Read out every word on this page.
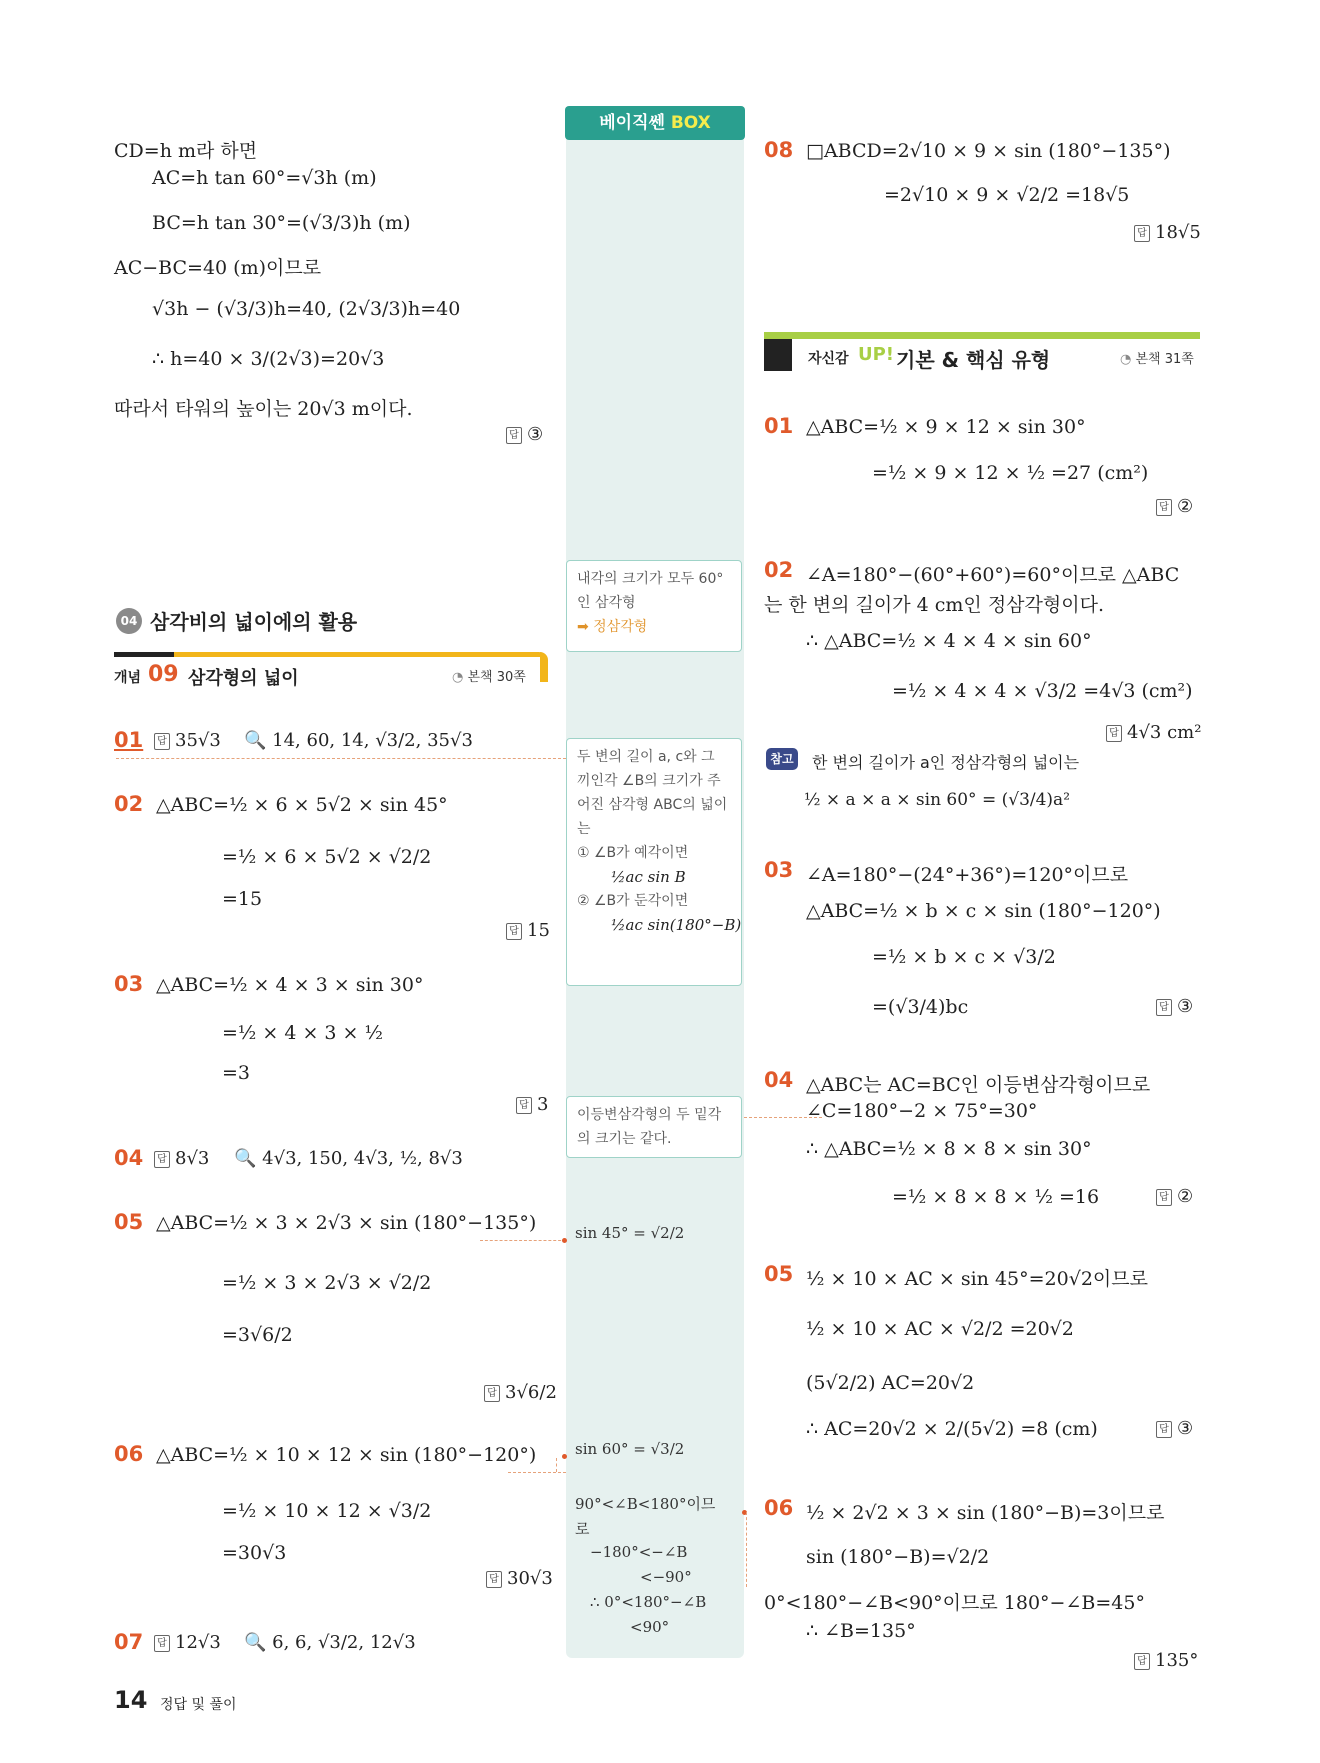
베이직쎈 BOX
내각의 크기가 모두 60° 인 삼각형
➡ 정삼각형
두 변의 길이 a, c와 그 끼인각 ∠B의 크기가 주어진 삼각형 ABC의 넓이는
① ∠B가 예각이면
½ac sin B
② ∠B가 둔각이면
½ac sin(180°−B)
이등변삼각형의 두 밑각의 크기는 같다.
sin 45° = √2/2
sin 60° = √3/2
90°<∠B<180°이므
로
−180°<−∠B
<−90°
∴ 0°<180°−∠B
<90°
CD=h m라 하면
AC=h tan 60°=√3h (m)
BC=h tan 30°=(√3/3)h (m)
AC−BC=40 (m)이므로
√3h − (√3/3)h=40, (2√3/3)h=40
∴ h=40 × 3/(2√3)=20√3
따라서 타워의 높이는 20√3 m이다.
답 ③
04 삼각비의 넓이에의 활용
개념 09 삼각형의 넓이	◔ 본책 30쪽
01	답 35√3 🔍 14, 60, 14, √3/2, 35√3
02 △ABC=½ × 6 × 5√2 × sin 45°
=½ × 6 × 5√2 × √2/2
=15
답 15
03 △ABC=½ × 4 × 3 × sin 30°
=½ × 4 × 3 × ½
=3
답 3
04	답 8√3 🔍 4√3, 150, 4√3, ½, 8√3
05 △ABC=½ × 3 × 2√3 × sin (180°−135°)
=½ × 3 × 2√3 × √2/2
=3√6/2
답 3√6/2
06 △ABC=½ × 10 × 12 × sin (180°−120°)
=½ × 10 × 12 × √3/2
=30√3
답 30√3
07	답 12√3 🔍 6, 6, √3/2, 12√3
08 □ABCD=2√10 × 9 × sin (180°−135°)
=2√10 × 9 × √2/2 =18√5
답 18√5
자신감 UP! 기본 & 핵심 유형	◔ 본책 31쪽
01 △ABC=½ × 9 × 12 × sin 30°
=½ × 9 × 12 × ½ =27 (cm²)
답 ②
02 ∠A=180°−(60°+60°)=60°이므로 △ABC
는 한 변의 길이가 4 cm인 정삼각형이다.
∴ △ABC=½ × 4 × 4 × sin 60°
=½ × 4 × 4 × √3/2 =4√3 (cm²)
답 4√3 cm²
참고 한 변의 길이가 a인 정삼각형의 넓이는
½ × a × a × sin 60° = (√3/4)a²
03 ∠A=180°−(24°+36°)=120°이므로
△ABC=½ × b × c × sin (180°−120°)
=½ × b × c × √3/2
=(√3/4)bc	답 ③
04 △ABC는 AC=BC인 이등변삼각형이므로
∠C=180°−2 × 75°=30°
∴ △ABC=½ × 8 × 8 × sin 30°
=½ × 8 × 8 × ½ =16	답 ②
05 ½ × 10 × AC × sin 45°=20√2이므로
½ × 10 × AC × √2/2 =20√2
(5√2/2) AC=20√2
∴ AC=20√2 × 2/(5√2) =8 (cm)	답 ③
06 ½ × 2√2 × 3 × sin (180°−B)=3이므로
sin (180°−B)=√2/2
0°<180°−∠B<90°이므로 180°−∠B=45°
∴ ∠B=135°
답 135°
14 정답 및 풀이
